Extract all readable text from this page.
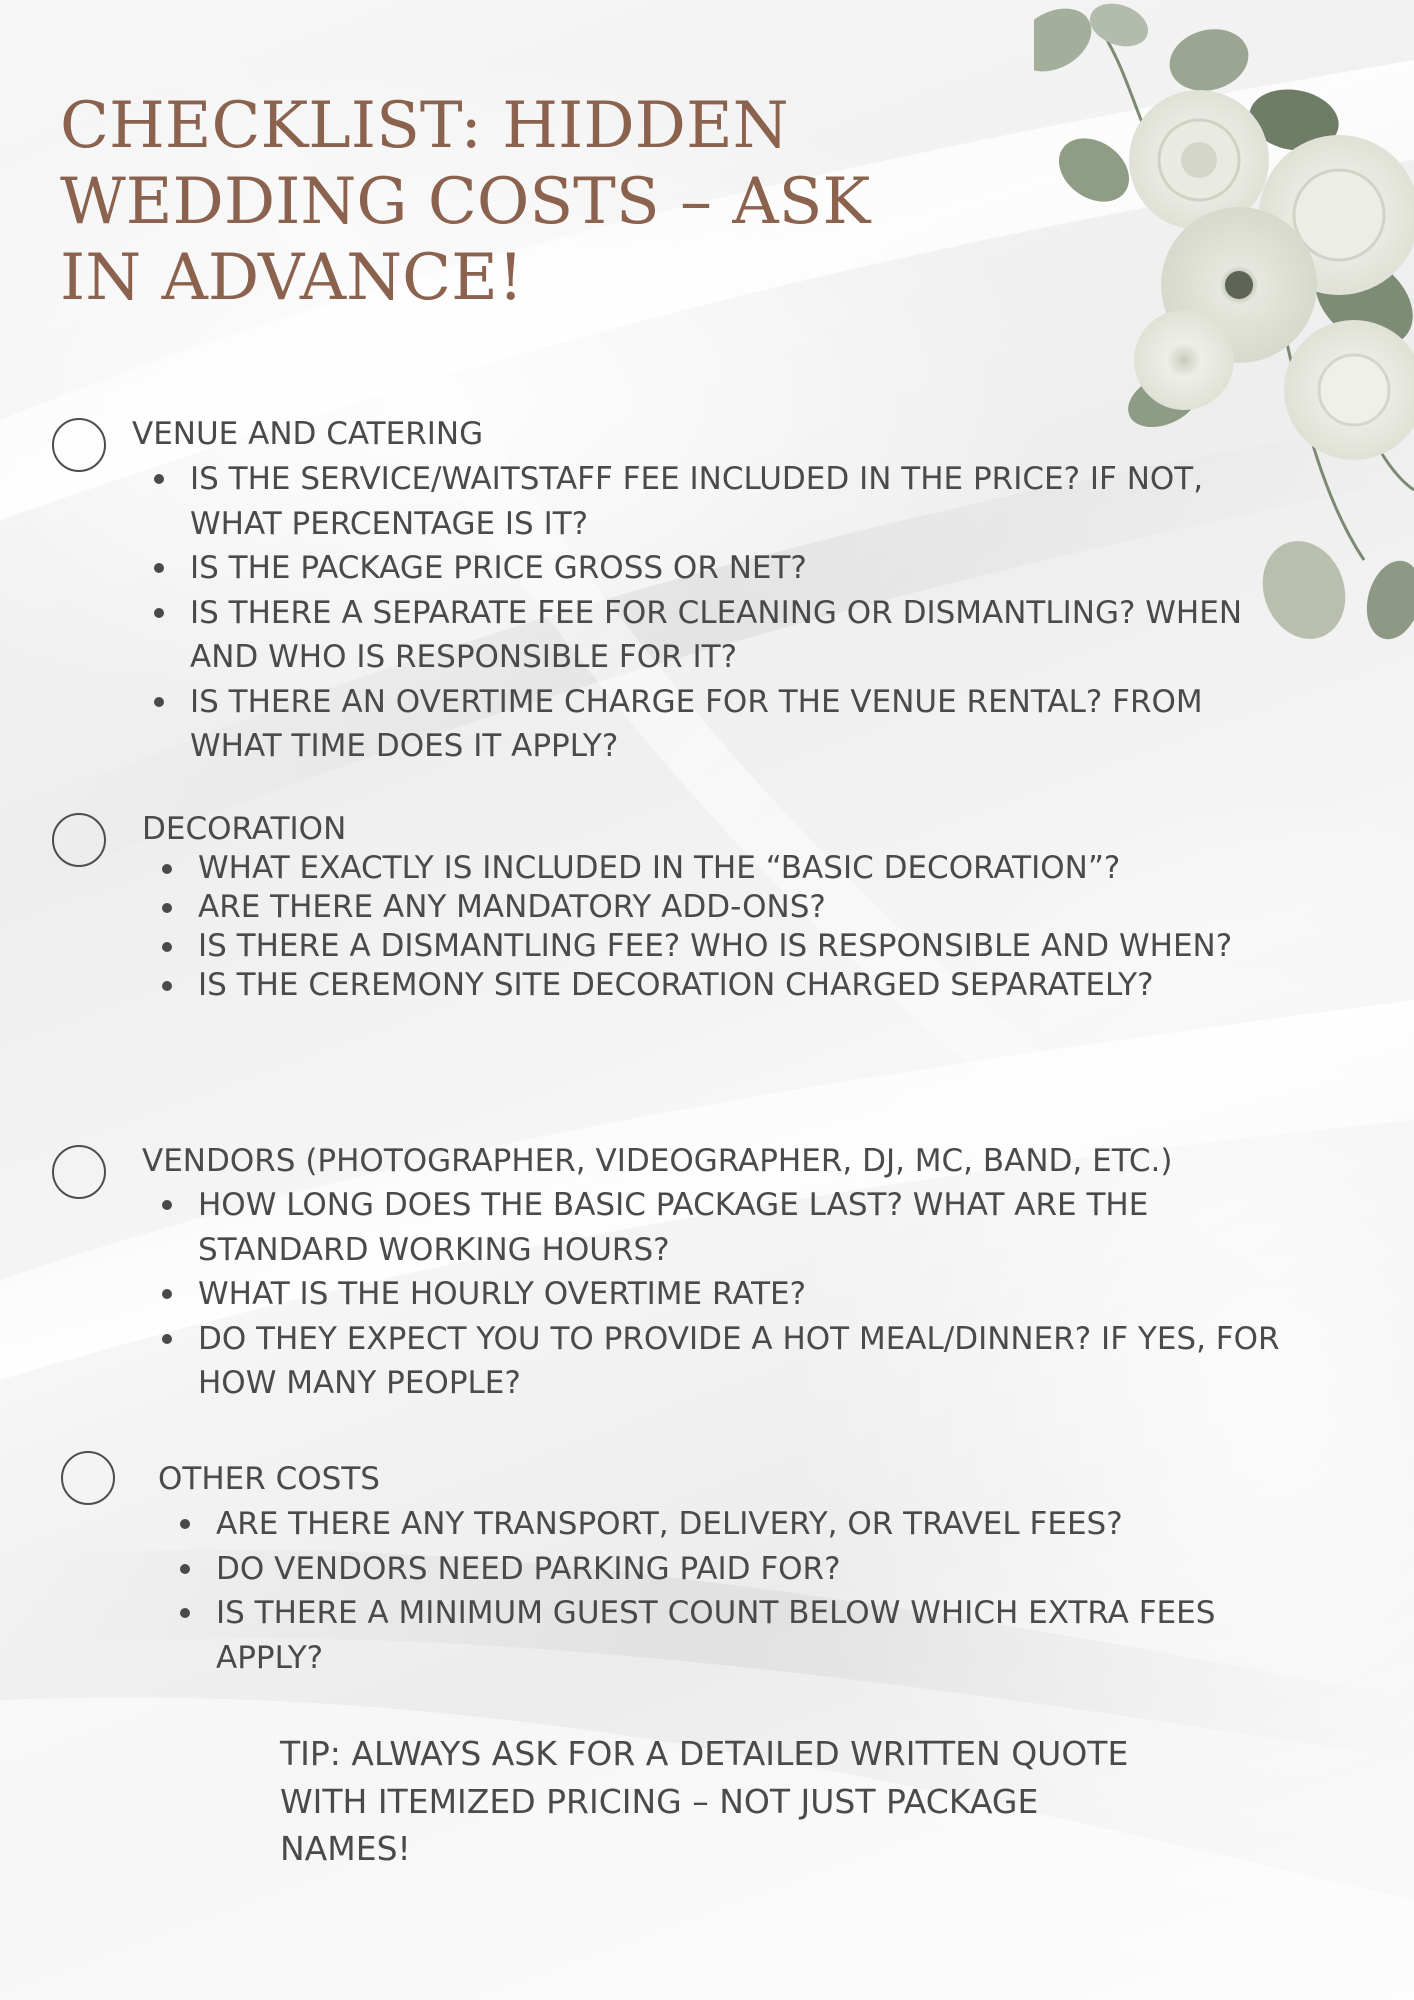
CHECKLIST: HIDDEN WEDDING COSTS – ASK IN ADVANCE!

VENUE AND CATERING

IS THE SERVICE/WAITSTAFF FEE INCLUDED IN THE PRICE? IF NOT, WHAT PERCENTAGE IS IT?
IS THE PACKAGE PRICE GROSS OR NET?
IS THERE A SEPARATE FEE FOR CLEANING OR DISMANTLING? WHEN AND WHO IS RESPONSIBLE FOR IT?
IS THERE AN OVERTIME CHARGE FOR THE VENUE RENTAL? FROM WHAT TIME DOES IT APPLY?

DECORATION

WHAT EXACTLY IS INCLUDED IN THE “BASIC DECORATION”?
ARE THERE ANY MANDATORY ADD-ONS?
IS THERE A DISMANTLING FEE? WHO IS RESPONSIBLE AND WHEN?
IS THE CEREMONY SITE DECORATION CHARGED SEPARATELY?

VENDORS (PHOTOGRAPHER, VIDEOGRAPHER, DJ, MC, BAND, ETC.)

HOW LONG DOES THE BASIC PACKAGE LAST? WHAT ARE THE STANDARD WORKING HOURS?
WHAT IS THE HOURLY OVERTIME RATE?
DO THEY EXPECT YOU TO PROVIDE A HOT MEAL/DINNER? IF YES, FOR HOW MANY PEOPLE?

OTHER COSTS

ARE THERE ANY TRANSPORT, DELIVERY, OR TRAVEL FEES?
DO VENDORS NEED PARKING PAID FOR?
IS THERE A MINIMUM GUEST COUNT BELOW WHICH EXTRA FEES APPLY?

TIP: ALWAYS ASK FOR A DETAILED WRITTEN QUOTE WITH ITEMIZED PRICING – NOT JUST PACKAGE NAMES!
